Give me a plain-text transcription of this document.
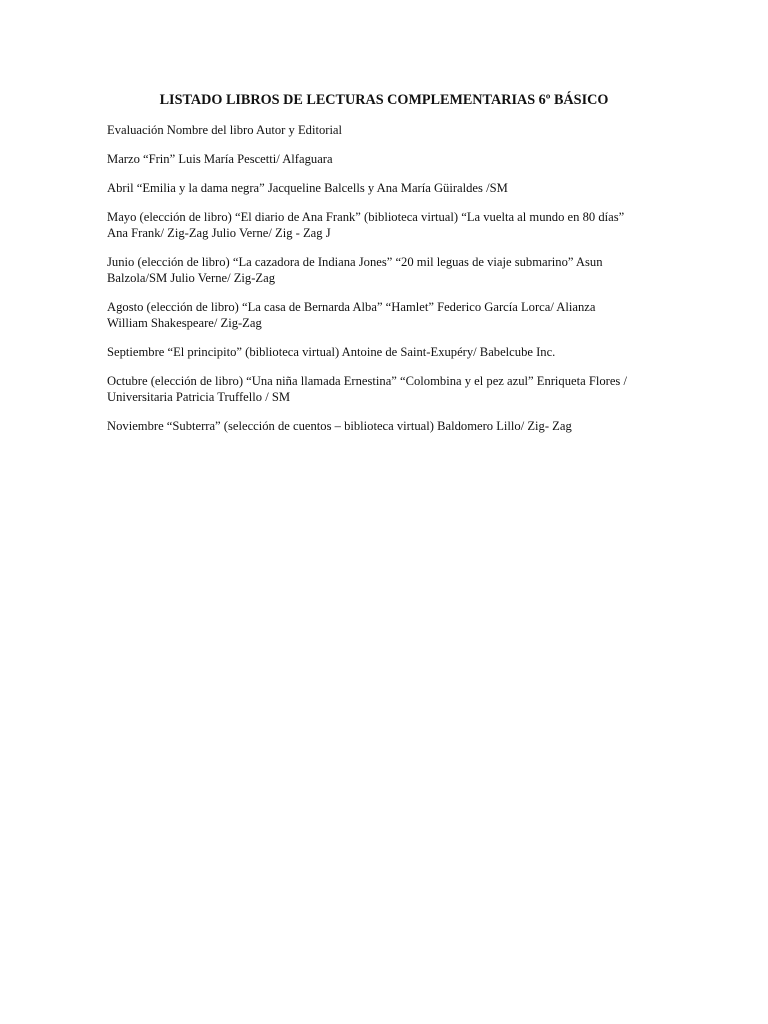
LISTADO LIBROS DE LECTURAS COMPLEMENTARIAS 6º BÁSICO

Evaluación Nombre del libro Autor y Editorial

Marzo “Frin” Luis María Pescetti/ Alfaguara

Abril “Emilia y la dama negra” Jacqueline Balcells y Ana María Güiraldes /SM

Mayo (elección de libro) “El diario de Ana Frank” (biblioteca virtual) “La vuelta al mundo en 80 días” Ana Frank/ Zig-Zag Julio Verne/ Zig - Zag J

Junio (elección de libro) “La cazadora de Indiana Jones” “20 mil leguas de viaje submarino” Asun Balzola/SM Julio Verne/ Zig-Zag

Agosto (elección de libro) “La casa de Bernarda Alba” “Hamlet” Federico García Lorca/ Alianza William Shakespeare/ Zig-Zag

Septiembre “El principito” (biblioteca virtual) Antoine de Saint-Exupéry/ Babelcube Inc.

Octubre (elección de libro) “Una niña llamada Ernestina” “Colombina y el pez azul” Enriqueta Flores / Universitaria Patricia Truffello / SM

Noviembre “Subterra” (selección de cuentos – biblioteca virtual) Baldomero Lillo/ Zig- Zag
